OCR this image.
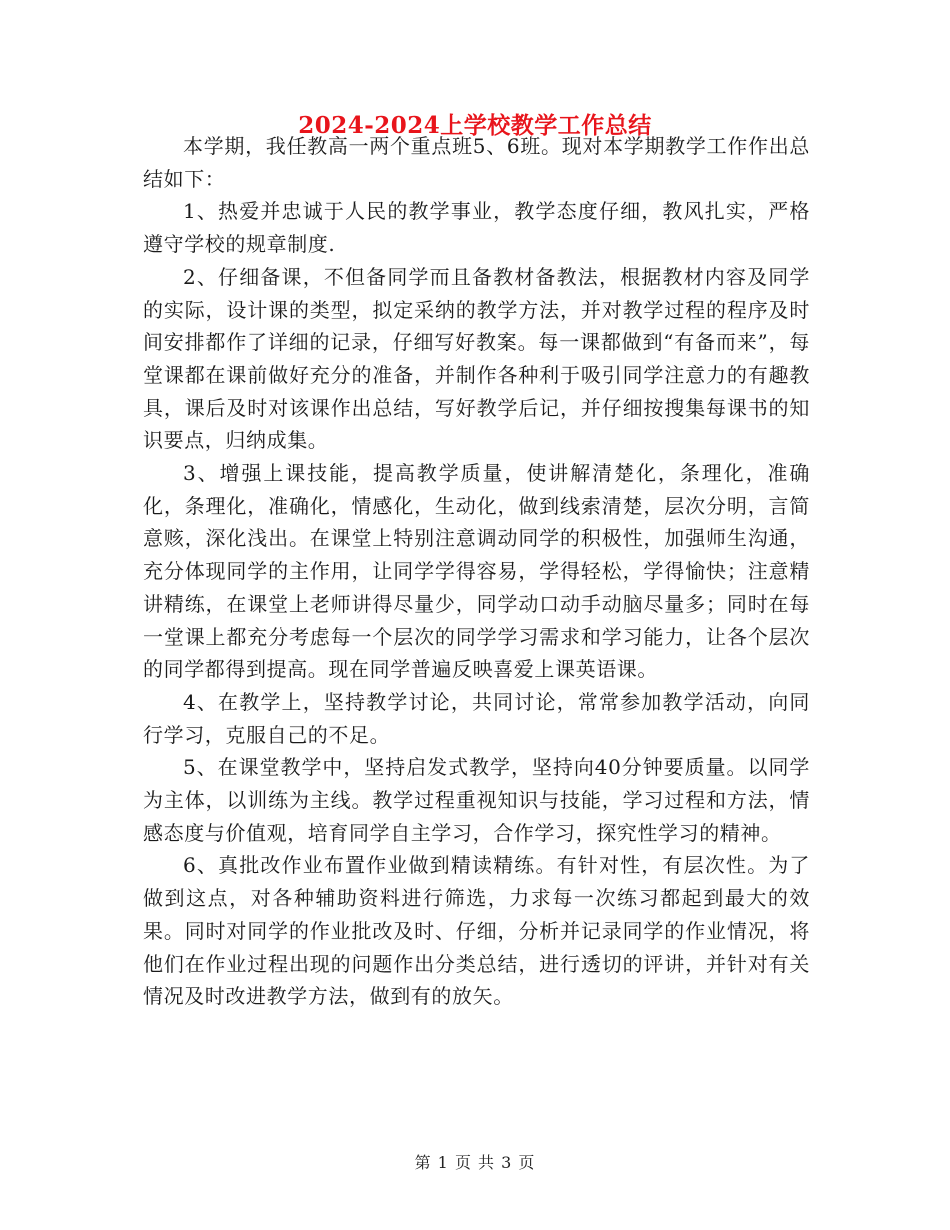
2024-2024上学校教学工作总结

本学期，我任教高一两个重点班5、6班。现对本学期教学工作作出总结如下：

1、热爱并忠诚于人民的教学事业，教学态度仔细，教风扎实，严格遵守学校的规章制度.

2、仔细备课，不但备同学而且备教材备教法，根据教材内容及同学的实际，设计课的类型，拟定采纳的教学方法，并对教学过程的程序及时间安排都作了详细的记录，仔细写好教案。每一课都做到“有备而来”，每堂课都在课前做好充分的准备，并制作各种利于吸引同学注意力的有趣教具，课后及时对该课作出总结，写好教学后记，并仔细按搜集每课书的知识要点，归纳成集。

3、增强上课技能，提高教学质量，使讲解清楚化，条理化，准确化，条理化，准确化，情感化，生动化，做到线索清楚，层次分明，言简意赅，深化浅出。在课堂上特别注意调动同学的积极性，加强师生沟通，充分体现同学的主作用，让同学学得容易，学得轻松，学得愉快；注意精讲精练，在课堂上老师讲得尽量少，同学动口动手动脑尽量多；同时在每一堂课上都充分考虑每一个层次的同学学习需求和学习能力，让各个层次的同学都得到提高。现在同学普遍反映喜爱上课英语课。

4、在教学上，坚持教学讨论，共同讨论，常常参加教学活动，向同行学习，克服自己的不足。

5、在课堂教学中，坚持启发式教学，坚持向40分钟要质量。以同学为主体，以训练为主线。教学过程重视知识与技能，学习过程和方法，情感态度与价值观，培育同学自主学习，合作学习，探究性学习的精神。

6、真批改作业布置作业做到精读精练。有针对性，有层次性。为了做到这点，对各种辅助资料进行筛选，力求每一次练习都起到最大的效果。同时对同学的作业批改及时、仔细，分析并记录同学的作业情况，将他们在作业过程出现的问题作出分类总结，进行透切的评讲，并针对有关情况及时改进教学方法，做到有的放矢。

第 1 页 共 3 页
